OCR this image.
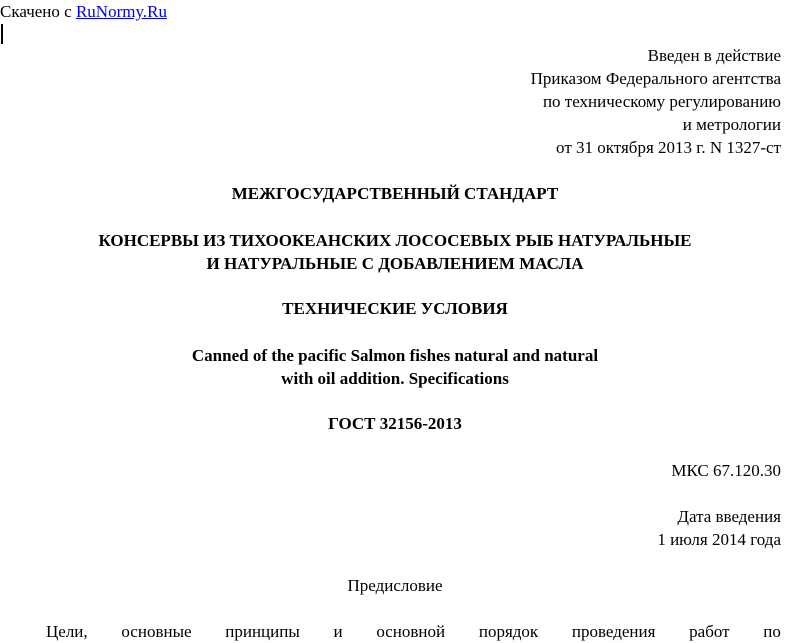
Скачено с RuNormy.Ru
Введен в действие
Приказом Федерального агентства
по техническому регулированию
и метрологии
от 31 октября 2013 г. N 1327-ст
МЕЖГОСУДАРСТВЕННЫЙ СТАНДАРТ
КОНСЕРВЫ ИЗ ТИХООКЕАНСКИХ ЛОСОСЕВЫХ РЫБ НАТУРАЛЬНЫЕ
И НАТУРАЛЬНЫЕ С ДОБАВЛЕНИЕМ МАСЛА
ТЕХНИЧЕСКИЕ УСЛОВИЯ
Canned of the pacific Salmon fishes natural and natural
with oil addition. Specifications
ГОСТ 32156-2013
МКС 67.120.30
Дата введения
1 июля 2014 года
Предисловие
Цели, основные принципы и основной порядок проведения работ по
